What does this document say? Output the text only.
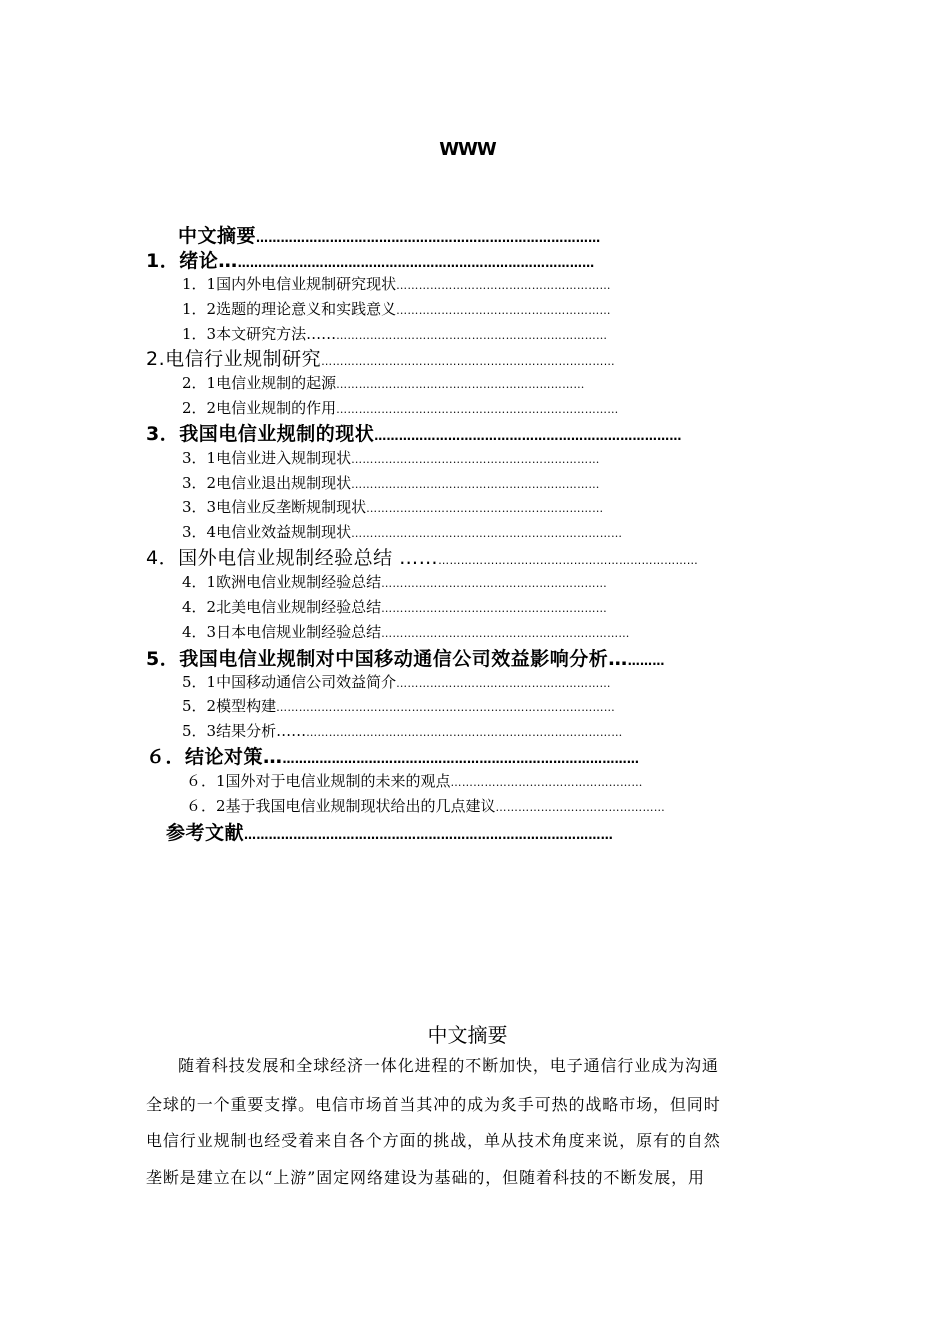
WWW
中文摘要…………………………………………………………………………
1．绪论………………………………………………………………………………
1．1国内外电信业规制研究现状…………………………………………………
1．2选题的理论意义和实践意义…………………………………………………
1．3本文研究方法……………………………………………………………………
2.电信行业规制研究……………………………………………………………………
2．1电信业规制的起源…………………………………………………………
2．2电信业规制的作用…………………………………………………………………
3．我国电信业规制的现状…………………………………………………………………
3．1电信业进入规制现状…………………………………………………………
3．2电信业退出规制现状…………………………………………………………
3．3电信业反垄断规制现状………………………………………………………
3．4电信业效益规制现状………………………………………………………………
4．国外电信业规制经验总结 …………………………………………………………………
4．1欧洲电信业规制经验总结……………………………………………………
4．2北美电信业规制经验总结……………………………………………………
4．3日本电信规业制经验总结…………………………………………………………
5．我国电信业规制对中国移动通信公司效益影响分析…………
5．1中国移动通信公司效益简介…………………………………………………
5．2模型构建………………………………………………………………………………
5．3结果分析………………………………………………………………………………
６．结论对策………………………………………………………………………………
６．1国外对于电信业规制的未来的观点……………………………………………
６．2基于我国电信业规制现状给出的几点建议………………………………………
参考文献………………………………………………………………………………
中文摘要
随着科技发展和全球经济一体化进程的不断加快，电子通信行业成为沟通
全球的一个重要支撑。电信市场首当其冲的成为炙手可热的战略市场，但同时
电信行业规制也经受着来自各个方面的挑战，单从技术角度来说，原有的自然
垄断是建立在以“上游”固定网络建设为基础的，但随着科技的不断发展，用
